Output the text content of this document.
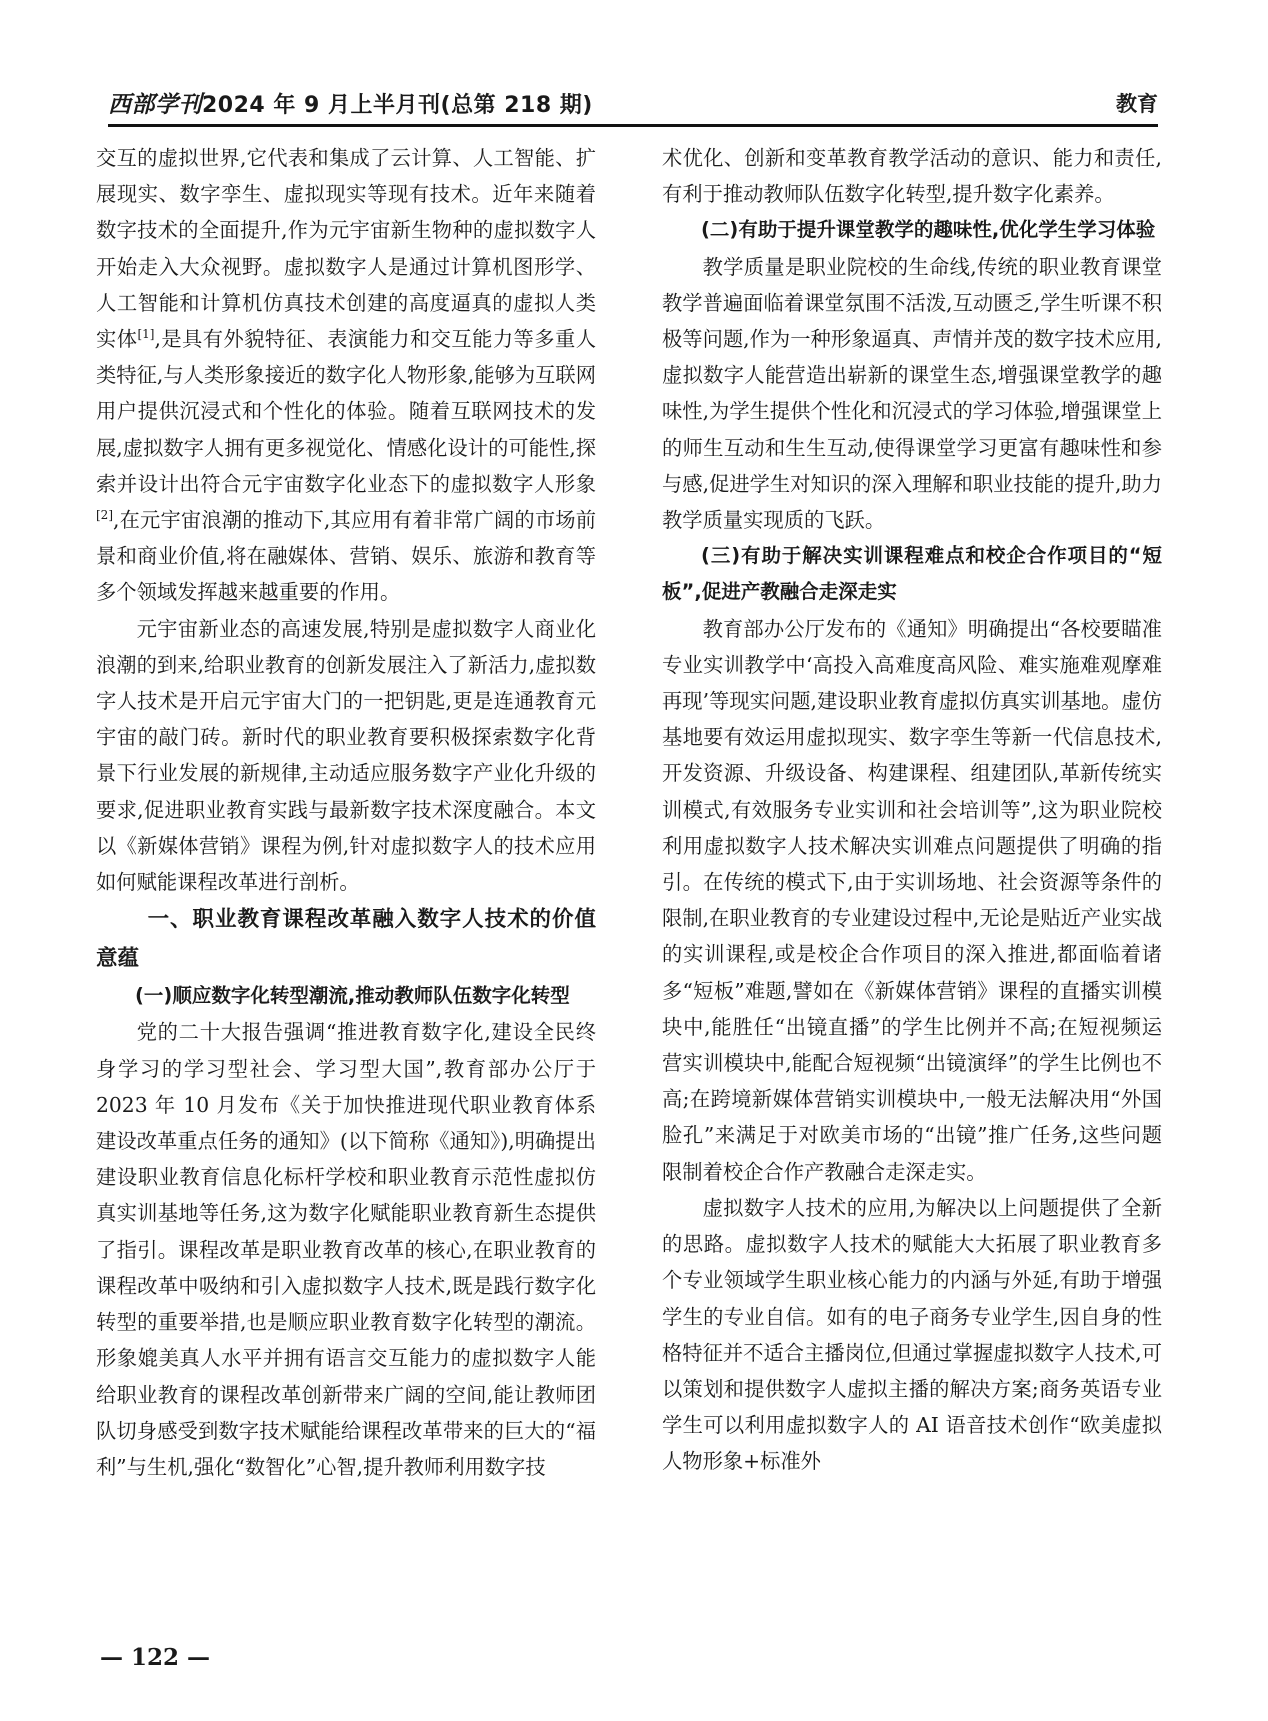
西部学刊2024 年 9 月上半月刊(总第 218 期)	教育

交互的虚拟世界,它代表和集成了云计算、人工智能、扩展现实、数字孪生、虚拟现实等现有技术。近年来随着数字技术的全面提升,作为元宇宙新生物种的虚拟数字人开始走入大众视野。虚拟数字人是通过计算机图形学、人工智能和计算机仿真技术创建的高度逼真的虚拟人类实体[1],是具有外貌特征、表演能力和交互能力等多重人类特征,与人类形象接近的数字化人物形象,能够为互联网用户提供沉浸式和个性化的体验。随着互联网技术的发展,虚拟数字人拥有更多视觉化、情感化设计的可能性,探索并设计出符合元宇宙数字化业态下的虚拟数字人形象[2],在元宇宙浪潮的推动下,其应用有着非常广阔的市场前景和商业价值,将在融媒体、营销、娱乐、旅游和教育等多个领域发挥越来越重要的作用。

元宇宙新业态的高速发展,特别是虚拟数字人商业化浪潮的到来,给职业教育的创新发展注入了新活力,虚拟数字人技术是开启元宇宙大门的一把钥匙,更是连通教育元宇宙的敲门砖。新时代的职业教育要积极探索数字化背景下行业发展的新规律,主动适应服务数字产业化升级的要求,促进职业教育实践与最新数字技术深度融合。本文以《新媒体营销》课程为例,针对虚拟数字人的技术应用如何赋能课程改革进行剖析。

一、职业教育课程改革融入数字人技术的价值意蕴
(一)顺应数字化转型潮流,推动教师队伍数字化转型

党的二十大报告强调“推进教育数字化,建设全民终身学习的学习型社会、学习型大国”,教育部办公厅于 2023 年 10 月发布《关于加快推进现代职业教育体系建设改革重点任务的通知》(以下简称《通知》),明确提出建设职业教育信息化标杆学校和职业教育示范性虚拟仿真实训基地等任务,这为数字化赋能职业教育新生态提供了指引。课程改革是职业教育改革的核心,在职业教育的课程改革中吸纳和引入虚拟数字人技术,既是践行数字化转型的重要举措,也是顺应职业教育数字化转型的潮流。形象媲美真人水平并拥有语言交互能力的虚拟数字人能给职业教育的课程改革创新带来广阔的空间,能让教师团队切身感受到数字技术赋能给课程改革带来的巨大的“福利”与生机,强化“数智化”心智,提升教师利用数字技

术优化、创新和变革教育教学活动的意识、能力和责任,有利于推动教师队伍数字化转型,提升数字化素养。

(二)有助于提升课堂教学的趣味性,优化学生学习体验

教学质量是职业院校的生命线,传统的职业教育课堂教学普遍面临着课堂氛围不活泼,互动匮乏,学生听课不积极等问题,作为一种形象逼真、声情并茂的数字技术应用,虚拟数字人能营造出崭新的课堂生态,增强课堂教学的趣味性,为学生提供个性化和沉浸式的学习体验,增强课堂上的师生互动和生生互动,使得课堂学习更富有趣味性和参与感,促进学生对知识的深入理解和职业技能的提升,助力教学质量实现质的飞跃。

(三)有助于解决实训课程难点和校企合作项目的“短板”,促进产教融合走深走实

教育部办公厅发布的《通知》明确提出“各校要瞄准专业实训教学中‘高投入高难度高风险、难实施难观摩难再现’等现实问题,建设职业教育虚拟仿真实训基地。虚仿基地要有效运用虚拟现实、数字孪生等新一代信息技术,开发资源、升级设备、构建课程、组建团队,革新传统实训模式,有效服务专业实训和社会培训等”,这为职业院校利用虚拟数字人技术解决实训难点问题提供了明确的指引。在传统的模式下,由于实训场地、社会资源等条件的限制,在职业教育的专业建设过程中,无论是贴近产业实战的实训课程,或是校企合作项目的深入推进,都面临着诸多“短板”难题,譬如在《新媒体营销》课程的直播实训模块中,能胜任“出镜直播”的学生比例并不高;在短视频运营实训模块中,能配合短视频“出镜演绎”的学生比例也不高;在跨境新媒体营销实训模块中,一般无法解决用“外国脸孔”来满足于对欧美市场的“出镜”推广任务,这些问题限制着校企合作产教融合走深走实。

虚拟数字人技术的应用,为解决以上问题提供了全新的思路。虚拟数字人技术的赋能大大拓展了职业教育多个专业领域学生职业核心能力的内涵与外延,有助于增强学生的专业自信。如有的电子商务专业学生,因自身的性格特征并不适合主播岗位,但通过掌握虚拟数字人技术,可以策划和提供数字人虚拟主播的解决方案;商务英语专业学生可以利用虚拟数字人的 AI 语音技术创作“欧美虚拟人物形象+标准外

— 122 —
